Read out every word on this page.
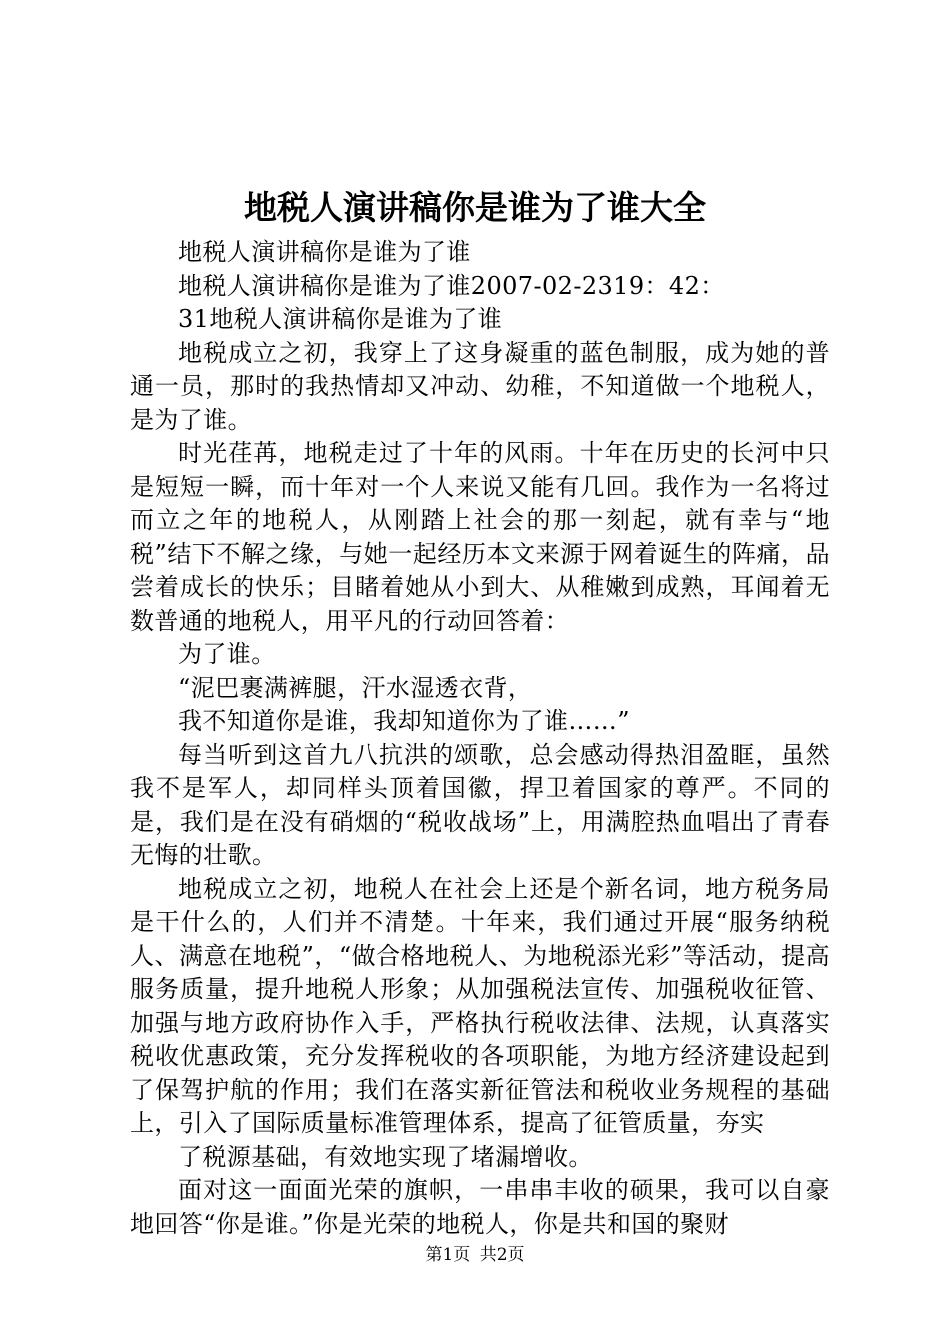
地税人演讲稿你是谁为了谁大全

地税人演讲稿你是谁为了谁

地税人演讲稿你是谁为了谁2007-02-2319：42：

31地税人演讲稿你是谁为了谁

地税成立之初，我穿上了这身凝重的蓝色制服，成为她的普通一员，那时的我热情却又冲动、幼稚，不知道做一个地税人，是为了谁。

时光荏苒，地税走过了十年的风雨。十年在历史的长河中只是短短一瞬，而十年对一个人来说又能有几回。我作为一名将过而立之年的地税人，从刚踏上社会的那一刻起，就有幸与“地税”结下不解之缘，与她一起经历本文来源于网着诞生的阵痛，品尝着成长的快乐；目睹着她从小到大、从稚嫩到成熟，耳闻着无数普通的地税人，用平凡的行动回答着：

为了谁。

“泥巴裹满裤腿，汗水湿透衣背，

我不知道你是谁，我却知道你为了谁……”

每当听到这首九八抗洪的颂歌，总会感动得热泪盈眶，虽然我不是军人，却同样头顶着国徽，捍卫着国家的尊严。不同的是，我们是在没有硝烟的“税收战场”上，用满腔热血唱出了青春无悔的壮歌。

地税成立之初，地税人在社会上还是个新名词，地方税务局是干什么的，人们并不清楚。十年来，我们通过开展“服务纳税人、满意在地税”，“做合格地税人、为地税添光彩”等活动，提高服务质量，提升地税人形象；从加强税法宣传、加强税收征管、加强与地方政府协作入手，严格执行税收法律、法规，认真落实税收优惠政策，充分发挥税收的各项职能，为地方经济建设起到了保驾护航的作用；我们在落实新征管法和税收业务规程的基础上，引入了国际质量标准管理体系，提高了征管质量，夯实

了税源基础，有效地实现了堵漏增收。

面对这一面面光荣的旗帜，一串串丰收的硕果，我可以自豪地回答“你是谁。”你是光荣的地税人，你是共和国的聚财

第1页 共2页
